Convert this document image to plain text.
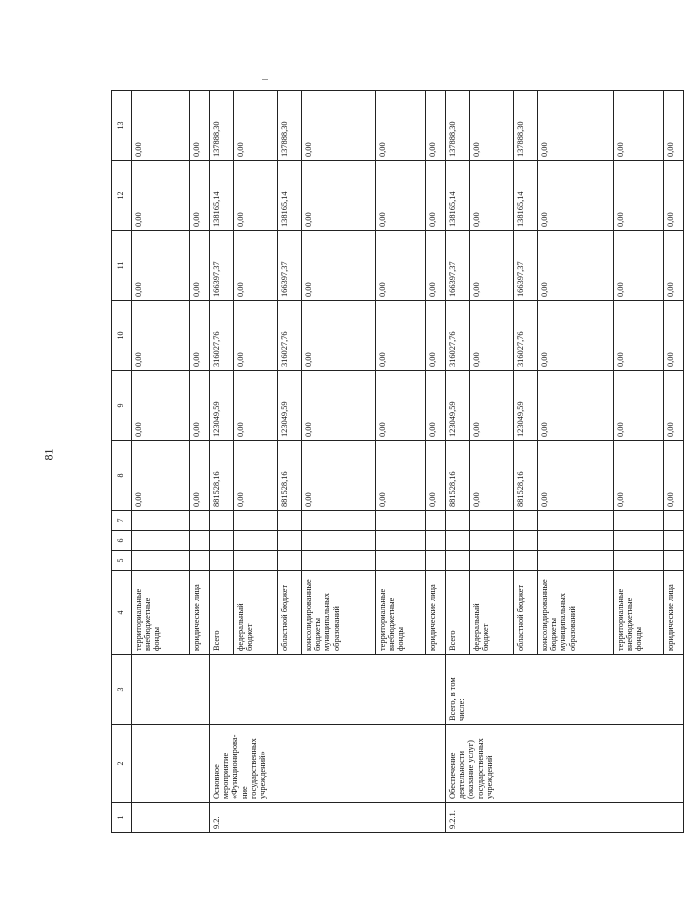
81
1	2	3	4	5	6	7	8	9	10	11	12	13
			территориальные внебюджетные фонды				0,00	0,00	0,00	0,00	0,00	0,00
			юридические лица				0,00	0,00	0,00	0,00	0,00	0,00
9.2.	Основное мероприятие «Функционирова-ние государственных учреждений»		Всего				881528,16	123049,59	316027,76	166397,37	138165,14	137888,30
			федеральный бюджет				0,00	0,00	0,00	0,00	0,00	0,00
			областной бюджет				881528,16	123049,59	316027,76	166397,37	138165,14	137888,30
			консолидированные бюджеты муниципальных образований				0,00	0,00	0,00	0,00	0,00	0,00
			территориальные внебюджетные фонды				0,00	0,00	0,00	0,00	0,00	0,00
			юридические лица				0,00	0,00	0,00	0,00	0,00	0,00
9.2.1.	Обеспечение деятельности (оказание услуг) государственных учреждений	Всего, в том числе:	Всего				881528,16	123049,59	316027,76	166397,37	138165,14	137888,30
			федеральный бюджет				0,00	0,00	0,00	0,00	0,00	0,00
			областной бюджет				881528,16	123049,59	316027,76	166397,37	138165,14	137888,30
			консолидированные бюджеты муниципальных образований				0,00	0,00	0,00	0,00	0,00	0,00
			территориальные внебюджетные фонды				0,00	0,00	0,00	0,00	0,00	0,00
			юридические лица				0,00	0,00	0,00	0,00	0,00	0,00
